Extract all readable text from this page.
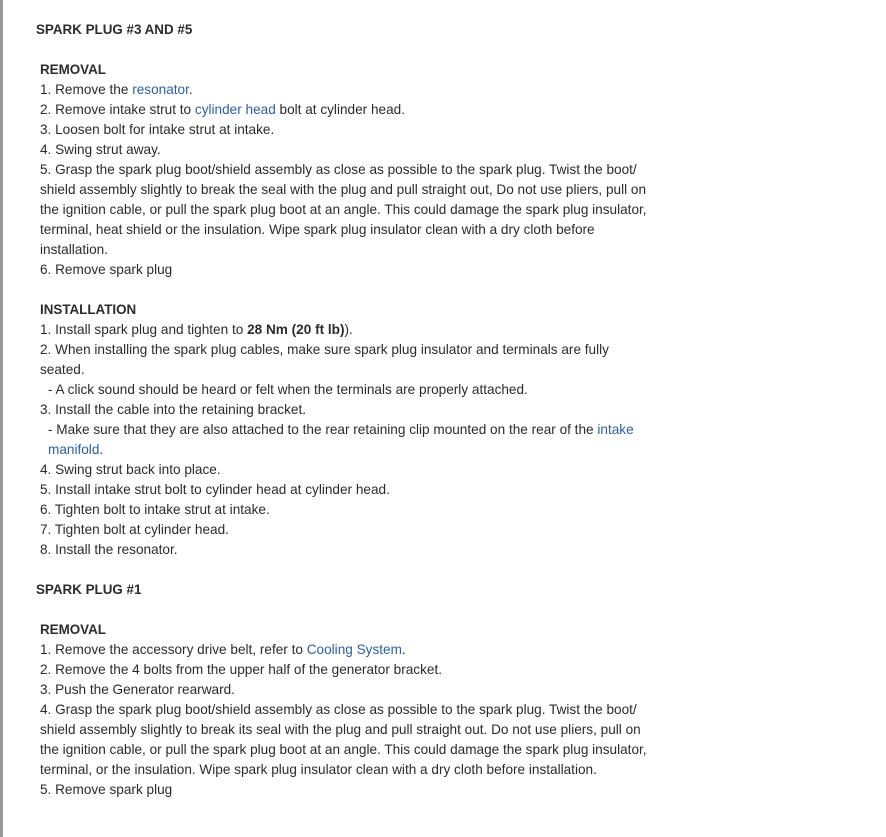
SPARK PLUG #3 AND #5
REMOVAL
1. Remove the resonator.
2. Remove intake strut to cylinder head bolt at cylinder head.
3. Loosen bolt for intake strut at intake.
4. Swing strut away.
5. Grasp the spark plug boot/shield assembly as close as possible to the spark plug. Twist the boot/ shield assembly slightly to break the seal with the plug and pull straight out, Do not use pliers, pull on the ignition cable, or pull the spark plug boot at an angle. This could damage the spark plug insulator, terminal, heat shield or the insulation. Wipe spark plug insulator clean with a dry cloth before installation.
6. Remove spark plug
INSTALLATION
1. Install spark plug and tighten to 28 Nm (20 ft lb)).
2. When installing the spark plug cables, make sure spark plug insulator and terminals are fully seated.
- A click sound should be heard or felt when the terminals are properly attached.
3. Install the cable into the retaining bracket.
- Make sure that they are also attached to the rear retaining clip mounted on the rear of the intake manifold.
4. Swing strut back into place.
5. Install intake strut bolt to cylinder head at cylinder head.
6. Tighten bolt to intake strut at intake.
7. Tighten bolt at cylinder head.
8. Install the resonator.
SPARK PLUG #1
REMOVAL
1. Remove the accessory drive belt, refer to Cooling System.
2. Remove the 4 bolts from the upper half of the generator bracket.
3. Push the Generator rearward.
4. Grasp the spark plug boot/shield assembly as close as possible to the spark plug. Twist the boot/ shield assembly slightly to break its seal with the plug and pull straight out. Do not use pliers, pull on the ignition cable, or pull the spark plug boot at an angle. This could damage the spark plug insulator, terminal, or the insulation. Wipe spark plug insulator clean with a dry cloth before installation.
5. Remove spark plug
